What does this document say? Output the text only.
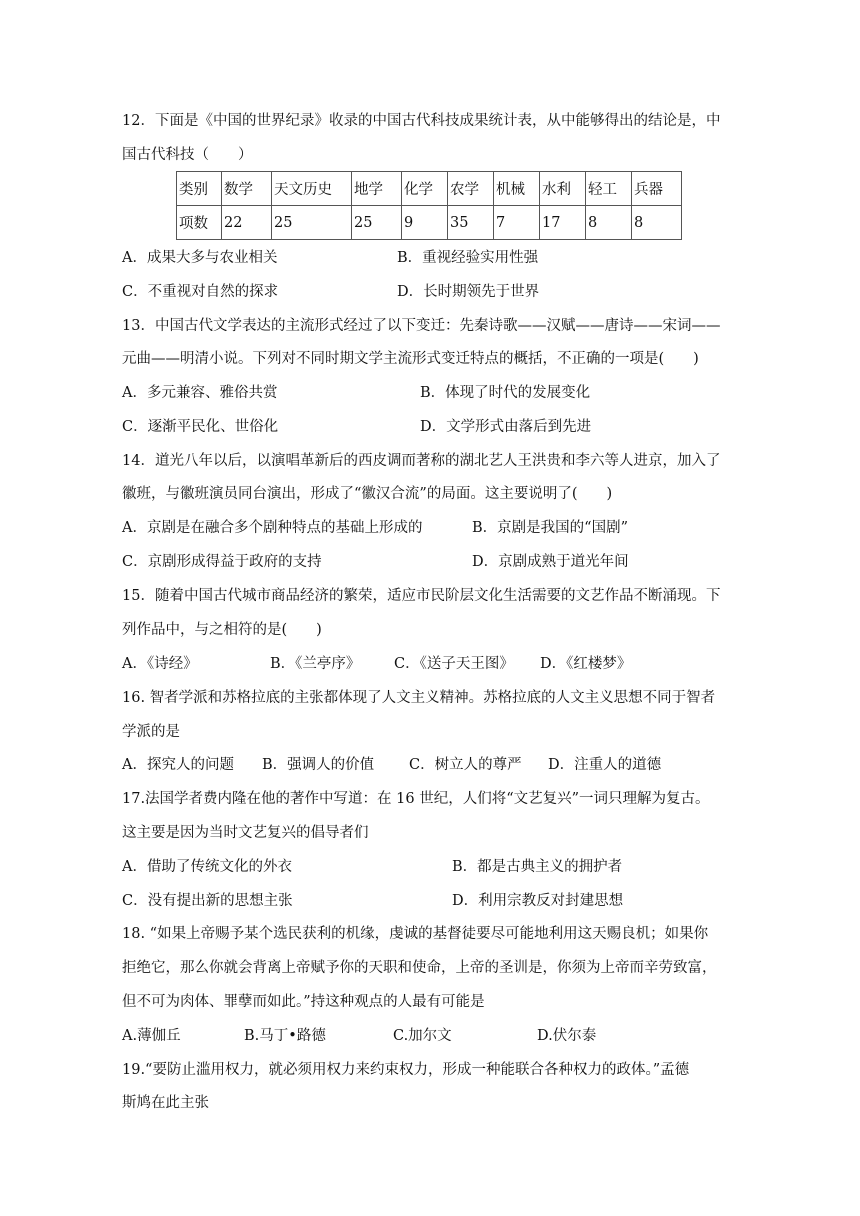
12．下面是《中国的世界纪录》收录的中国古代科技成果统计表，从中能够得出的结论是，中
国古代科技（　　）
类别	数学	天文历史	地学	化学	农学	机械	水利	轻工	兵器
项数	22	25	25	9	35	7	17	8	8
A．成果大多与农业相关	B．重视经验实用性强
C．不重视对自然的探求	D．长时期领先于世界
13．中国古代文学表达的主流形式经过了以下变迁：先秦诗歌——汉赋——唐诗——宋词——
元曲——明清小说。下列对不同时期文学主流形式变迁特点的概括，不正确的一项是(　　)
A．多元兼容、雅俗共赏	B．体现了时代的发展变化
C．逐渐平民化、世俗化	D．文学形式由落后到先进
14．道光八年以后，以演唱革新后的西皮调而著称的湖北艺人王洪贵和李六等人进京，加入了
徽班，与徽班演员同台演出，形成了“徽汉合流”的局面。这主要说明了(　　)
A．京剧是在融合多个剧种特点的基础上形成的	B．京剧是我国的“国剧”
C．京剧形成得益于政府的支持	D．京剧成熟于道光年间
15．随着中国古代城市商品经济的繁荣，适应市民阶层文化生活需要的文艺作品不断涌现。下
列作品中，与之相符的是(　　)
A．《诗经》	B．《兰亭序》 C．《送子天王图》 D．《红楼梦》
16. 智者学派和苏格拉底的主张都体现了人文主义精神。苏格拉底的人文主义思想不同于智者
学派的是
A．探究人的问题 B．强调人的价值 C．树立人的尊严 D．注重人的道德
17.法国学者费内隆在他的著作中写道：在 16 世纪，人们将“文艺复兴”一词只理解为复古。
这主要是因为当时文艺复兴的倡导者们
A．借助了传统文化的外衣	B．都是古典主义的拥护者
C．没有提出新的思想主张	D．利用宗教反对封建思想
18. “如果上帝赐予某个选民获利的机缘，虔诚的基督徒要尽可能地利用这天赐良机；如果你
拒绝它，那么你就会背离上帝赋予你的天职和使命，上帝的圣训是，你须为上帝而辛劳致富，
但不可为肉体、罪孽而如此。”持这种观点的人最有可能是
A.薄伽丘	B.马丁•路德	C.加尔文	D.伏尔泰
19.“要防止滥用权力，就必须用权力来约束权力，形成一种能联合各种权力的政体。”孟德
斯鸠在此主张
